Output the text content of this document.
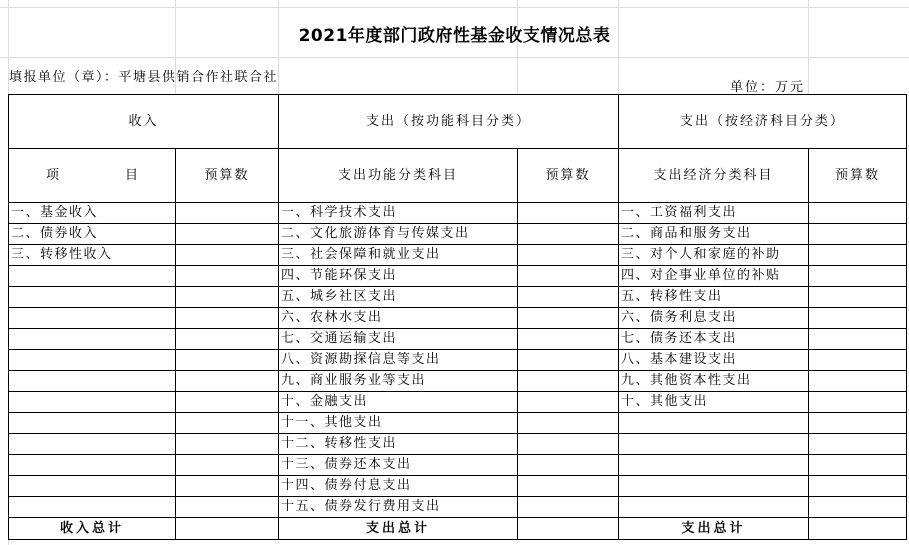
2021年度部门政府性基金收支情况总表
填报单位（章）：平塘县供销合作社联合社
单位：万元
收入		支出（按功能科目分类）		支出（按经济科目分类）	
项 目	预算数	支出功能分类科目	预算数	支出经济分类科目	预算数
一、基金收入		一、科学技术支出		一、工资福利支出	
二、债券收入		二、文化旅游体育与传媒支出		二、商品和服务支出	
三、转移性收入		三、社会保障和就业支出		三、对个人和家庭的补助	
		四、节能环保支出		四、对企事业单位的补贴	
		五、城乡社区支出		五、转移性支出	
		六、农林水支出		六、债务利息支出	
		七、交通运输支出		七、债务还本支出	
		八、资源勘探信息等支出		八、基本建设支出	
		九、商业服务业等支出		九、其他资本性支出	
		十、金融支出		十、其他支出	
		十一、其他支出			
		十二、转移性支出			
		十三、债券还本支出			
		十四、债券付息支出			
		十五、债券发行费用支出			
收入总计		支出总计		支出总计	
